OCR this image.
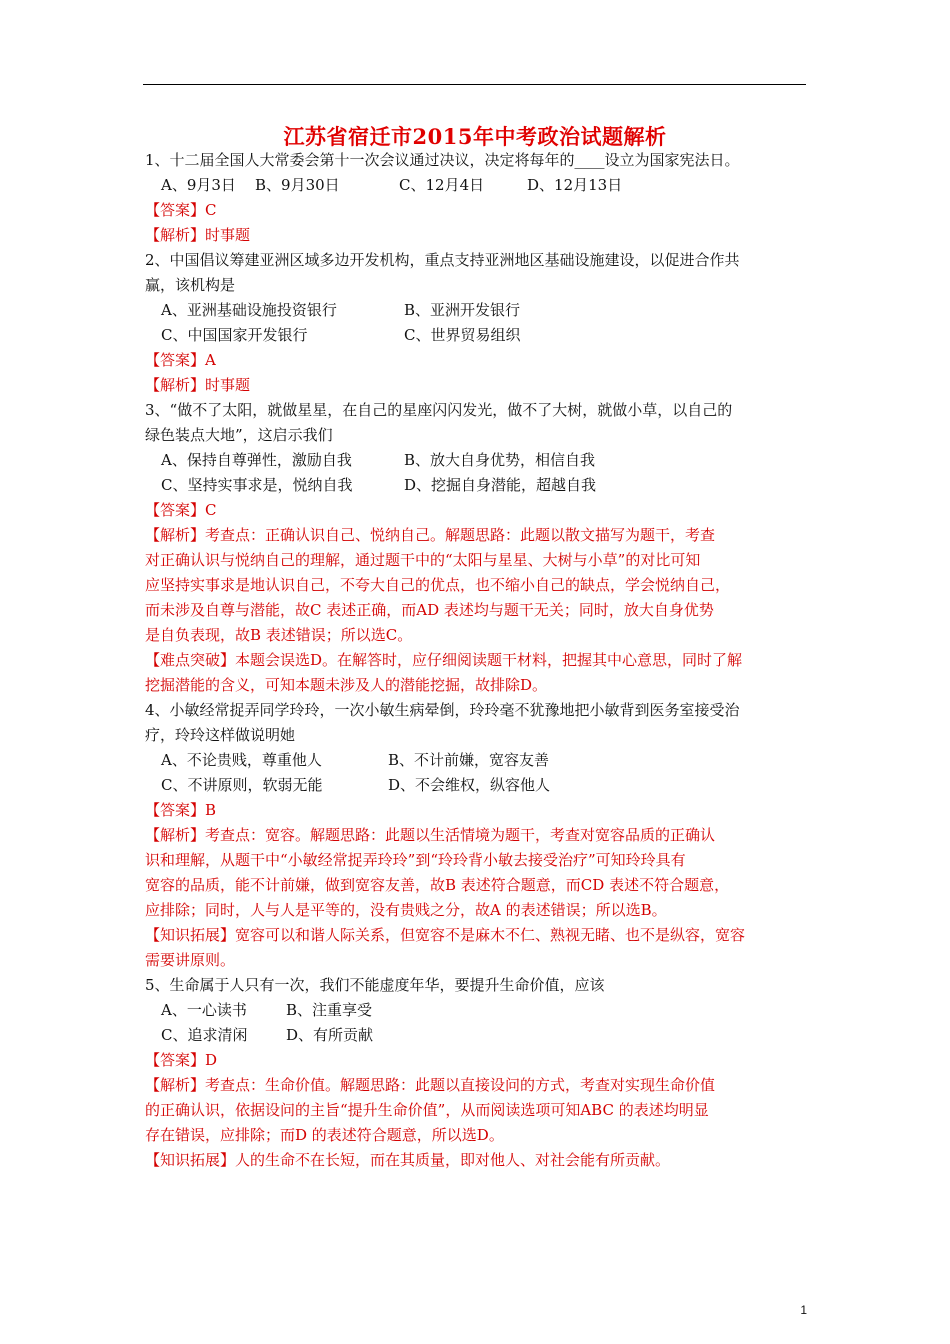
江苏省宿迁市2015年中考政治试题解析
1、十二届全国人大常委会第十一次会议通过决议，决定将每年的____设立为国家宪法日。
A、9月3日	B、9月30日	C、12月4日	D、12月13日
【答案】C
【解析】时事题
2、中国倡议筹建亚洲区域多边开发机构，重点支持亚洲地区基础设施建设，以促进合作共
赢，该机构是
A、亚洲基础设施投资银行	B、亚洲开发银行
C、中国国家开发银行	C、世界贸易组织
【答案】A
【解析】时事题
3、“做不了太阳，就做星星，在自己的星座闪闪发光，做不了大树，就做小草，以自己的
绿色装点大地”，这启示我们
A、保持自尊弹性，激励自我	B、放大自身优势，相信自我
C、坚持实事求是，悦纳自我	D、挖掘自身潜能，超越自我
【答案】C
【解析】考查点：正确认识自己、悦纳自己。解题思路：此题以散文描写为题干，考查
对正确认识与悦纳自己的理解，通过题干中的“太阳与星星、大树与小草”的对比可知
应坚持实事求是地认识自己，不夸大自己的优点，也不缩小自己的缺点，学会悦纳自己，
而未涉及自尊与潜能，故C 表述正确，而AD 表述均与题干无关；同时，放大自身优势
是自负表现，故B 表述错误；所以选C。
【难点突破】本题会误选D。在解答时，应仔细阅读题干材料，把握其中心意思，同时了解
挖掘潜能的含义，可知本题未涉及人的潜能挖掘，故排除D。
4、小敏经常捉弄同学玲玲，一次小敏生病晕倒，玲玲毫不犹豫地把小敏背到医务室接受治
疗，玲玲这样做说明她
A、不论贵贱，尊重他人	B、不计前嫌，宽容友善
C、不讲原则，软弱无能	D、不会维权，纵容他人
【答案】B
【解析】考查点：宽容。解题思路：此题以生活情境为题干，考查对宽容品质的正确认
识和理解，从题干中“小敏经常捉弄玲玲”到“玲玲背小敏去接受治疗”可知玲玲具有
宽容的品质，能不计前嫌，做到宽容友善，故B 表述符合题意，而CD 表述不符合题意，
应排除；同时，人与人是平等的，没有贵贱之分，故A 的表述错误；所以选B。
【知识拓展】宽容可以和谐人际关系，但宽容不是麻木不仁、熟视无睹、也不是纵容，宽容
需要讲原则。
5、生命属于人只有一次，我们不能虚度年华，要提升生命价值，应该
A、一心读书	B、注重享受
C、追求清闲	D、有所贡献
【答案】D
【解析】考查点：生命价值。解题思路：此题以直接设问的方式，考查对实现生命价值
的正确认识，依据设问的主旨“提升生命价值”，从而阅读选项可知ABC 的表述均明显
存在错误，应排除；而D 的表述符合题意，所以选D。
【知识拓展】人的生命不在长短，而在其质量，即对他人、对社会能有所贡献。
1
